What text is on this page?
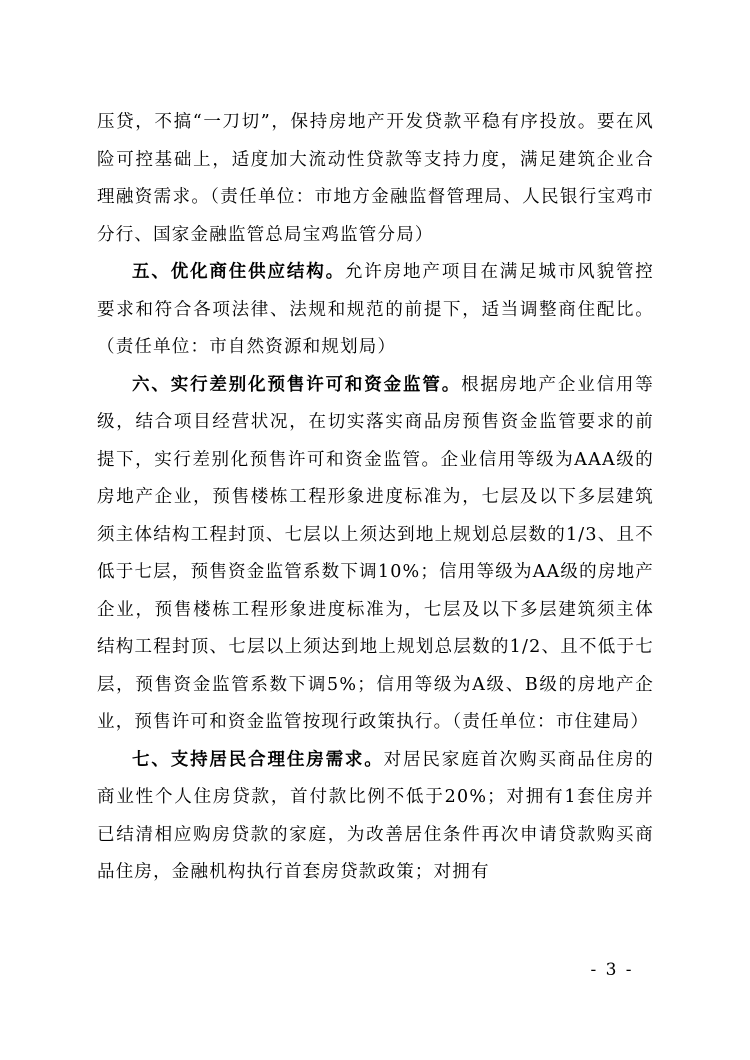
压贷，不搞“一刀切”，保持房地产开发贷款平稳有序投放。要在风险可控基础上，适度加大流动性贷款等支持力度，满足建筑企业合理融资需求。（责任单位：市地方金融监督管理局、人民银行宝鸡市分行、国家金融监管总局宝鸡监管分局）

五、优化商住供应结构。允许房地产项目在满足城市风貌管控要求和符合各项法律、法规和规范的前提下，适当调整商住配比。（责任单位：市自然资源和规划局）

六、实行差别化预售许可和资金监管。根据房地产企业信用等级，结合项目经营状况，在切实落实商品房预售资金监管要求的前提下，实行差别化预售许可和资金监管。企业信用等级为AAA级的房地产企业，预售楼栋工程形象进度标准为，七层及以下多层建筑须主体结构工程封顶、七层以上须达到地上规划总层数的1/3、且不低于七层，预售资金监管系数下调10%；信用等级为AA级的房地产企业，预售楼栋工程形象进度标准为，七层及以下多层建筑须主体结构工程封顶、七层以上须达到地上规划总层数的1/2、且不低于七层，预售资金监管系数下调5%；信用等级为A级、B级的房地产企业，预售许可和资金监管按现行政策执行。（责任单位：市住建局）

七、支持居民合理住房需求。对居民家庭首次购买商品住房的商业性个人住房贷款，首付款比例不低于20%；对拥有1套住房并已结清相应购房贷款的家庭，为改善居住条件再次申请贷款购买商品住房，金融机构执行首套房贷款政策；对拥有

- 3 -
